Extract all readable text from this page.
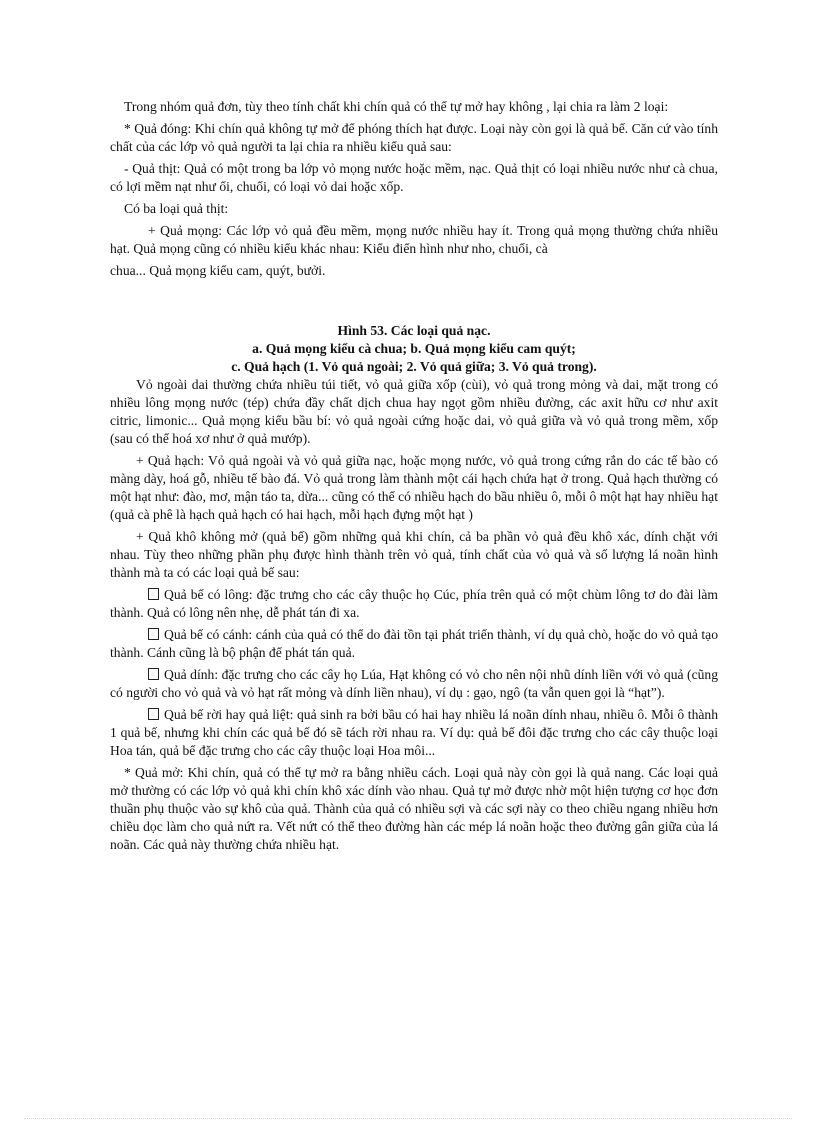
Trong nhóm quả đơn, tùy theo tính chất khi chín quả có thể tự mở hay không , lại chia ra làm 2 loại:

* Quả đóng: Khi chín quả không tự mở để phóng thích hạt được. Loại này còn gọi là quả bế. Căn cứ vào tính chất của các lớp vỏ quả người ta lại chia ra nhiều kiểu quả sau:

- Quả thịt: Quả có một trong ba lớp vỏ mọng nước hoặc mềm, nạc. Quả thịt có loại nhiều nước như cà chua, có lợi mềm nạt như ổi, chuối, có loại vỏ dai hoặc xốp.

Có ba loại quả thịt:

+ Quả mọng: Các lớp vỏ quả đều mềm, mọng nước nhiều hay ít. Trong quả mọng thường chứa nhiều hạt. Quả mọng cũng có nhiều kiểu khác nhau: Kiểu điển hình như nho, chuối, cà

chua... Quả mọng kiểu cam, quýt, bưởi.

Hình 53. Các loại quả nạc.

a. Quả mọng kiểu cà chua; b. Quả mọng kiểu cam quýt;

c. Quả hạch (1. Vỏ quả ngoài; 2. Vỏ quả giữa; 3. Vỏ quả trong).

Vỏ ngoài dai thường chứa nhiều túi tiết, vỏ quả giữa xốp (cùi), vỏ quả trong mỏng và dai, mặt trong có nhiều lông mọng nước (tép) chứa đầy chất dịch chua hay ngọt gồm nhiều đường, các axit hữu cơ như axit citric, limonic... Quả mọng kiểu bầu bí: vỏ quả ngoài cứng hoặc dai, vỏ quả giữa và vỏ quả trong mềm, xốp (sau có thể hoá xơ như ở quả mướp).

+ Quả hạch: Vỏ quả ngoài và vỏ quả giữa nạc, hoặc mọng nước, vỏ quả trong cứng rắn do các tế bào có màng dày, hoá gỗ, nhiều tế bào đá. Vỏ quả trong làm thành một cái hạch chứa hạt ở trong. Quả hạch thường có một hạt như: đào, mơ, mận táo ta, dừa... cũng có thể có nhiều hạch do bầu nhiều ô, mỗi ô một hạt hay nhiều hạt (quả cà phê là hạch quả hạch có hai hạch, mỗi hạch đựng một hạt )

+ Quả khô không mở (quả bế) gồm những quả khi chín, cả ba phần vỏ quả đều khô xác, dính chặt với nhau. Tùy theo những phần phụ được hình thành trên vỏ quả, tính chất của vỏ quả và số lượng lá noãn hình thành mà ta có các loại quả bế sau:

Quả bế có lông: đặc trưng cho các cây thuộc họ Cúc, phía trên quả có một chùm lông tơ do đài làm thành. Quả có lông nên nhẹ, dễ phát tán đi xa.

Quả bế có cánh: cánh của quả có thể do đài tồn tại phát triển thành, ví dụ quả chò, hoặc do vỏ quả tạo thành. Cánh cũng là bộ phận để phát tán quả.

Quả dính: đặc trưng cho các cây họ Lúa, Hạt không có vỏ cho nên nội nhũ dính liền với vỏ quả (cũng có người cho vỏ quả và vỏ hạt rất mỏng và dính liền nhau), ví dụ : gạo, ngô (ta vẫn quen gọi là “hạt”).

Quả bế rời hay quả liệt: quả sinh ra bởi bầu có hai hay nhiều lá noãn dính nhau, nhiều ô. Mỗi ô thành 1 quả bế, nhưng khi chín các quả bế đó sẽ tách rời nhau ra. Ví dụ: quả bế đôi đặc trưng cho các cây thuộc loại Hoa tán, quả bế đặc trưng cho các cây thuộc loại Hoa môi...

* Quả mở: Khi chín, quả có thể tự mở ra bằng nhiều cách. Loại quả này còn gọi là quả nang. Các loại quả mở thường có các lớp vỏ quả khi chín khô xác dính vào nhau. Quả tự mở được nhờ một hiện tượng cơ học đơn thuần phụ thuộc vào sự khô của quả. Thành của quả có nhiều sợi và các sợi này co theo chiều ngang nhiều hơn chiều dọc làm cho quả nứt ra. Vết nứt có thể theo đường hàn các mép lá noãn hoặc theo đường gân giữa của lá noãn. Các quả này thường chứa nhiều hạt.
